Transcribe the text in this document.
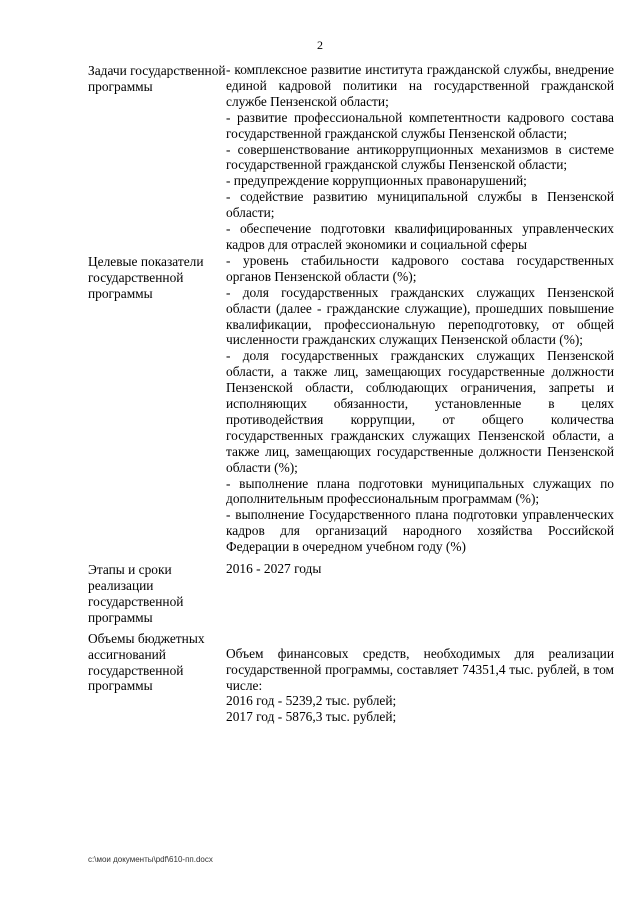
2
Задачи государственной программы

- комплексное развитие института гражданской службы, внедрение единой кадровой политики на государственной гражданской службе Пензенской области;

- развитие профессиональной компетентности кадрового состава государственной гражданской службы Пензенской области;

- совершенствование антикоррупционных механизмов в системе государственной гражданской службы Пензенской области;

- предупреждение коррупционных правонарушений;

- содействие развитию муниципальной службы в Пензенской области;

- обеспечение подготовки квалифицированных управленческих кадров для отраслей экономики и социальной сферы

Целевые показатели государственной программы

- уровень стабильности кадрового состава государственных органов Пензенской области (%);

- доля государственных гражданских служащих Пензенской области (далее - гражданские служащие), прошедших повышение квалификации, профессиональную переподготовку, от общей численности гражданских служащих Пензенской области (%);

- доля государственных гражданских служащих Пензенской области, а также лиц, замещающих государственные должности Пензенской области, соблюдающих ограничения, запреты и исполняющих обязанности, установленные в целях противодействия коррупции, от общего количества государственных гражданских служащих Пензенской области, а также лиц, замещающих государственные должности Пензенской области (%);

- выполнение плана подготовки муниципальных служащих по дополнительным профессиональным программам (%);

- выполнение Государственного плана подготовки управленческих кадров для организаций народного хозяйства Российской Федерации в очередном учебном году (%)

Этапы и сроки реализации государственной программы

2016 - 2027 годы

Объемы бюджетных ассигнований государственной программы

Объем финансовых средств, необходимых для реализации государственной программы, составляет 74351,4 тыс. рублей, в том числе:

2016 год - 5239,2 тыс. рублей;

2017 год - 5876,3 тыс. рублей;

c:\мои документы\pdf\610-пп.docx
